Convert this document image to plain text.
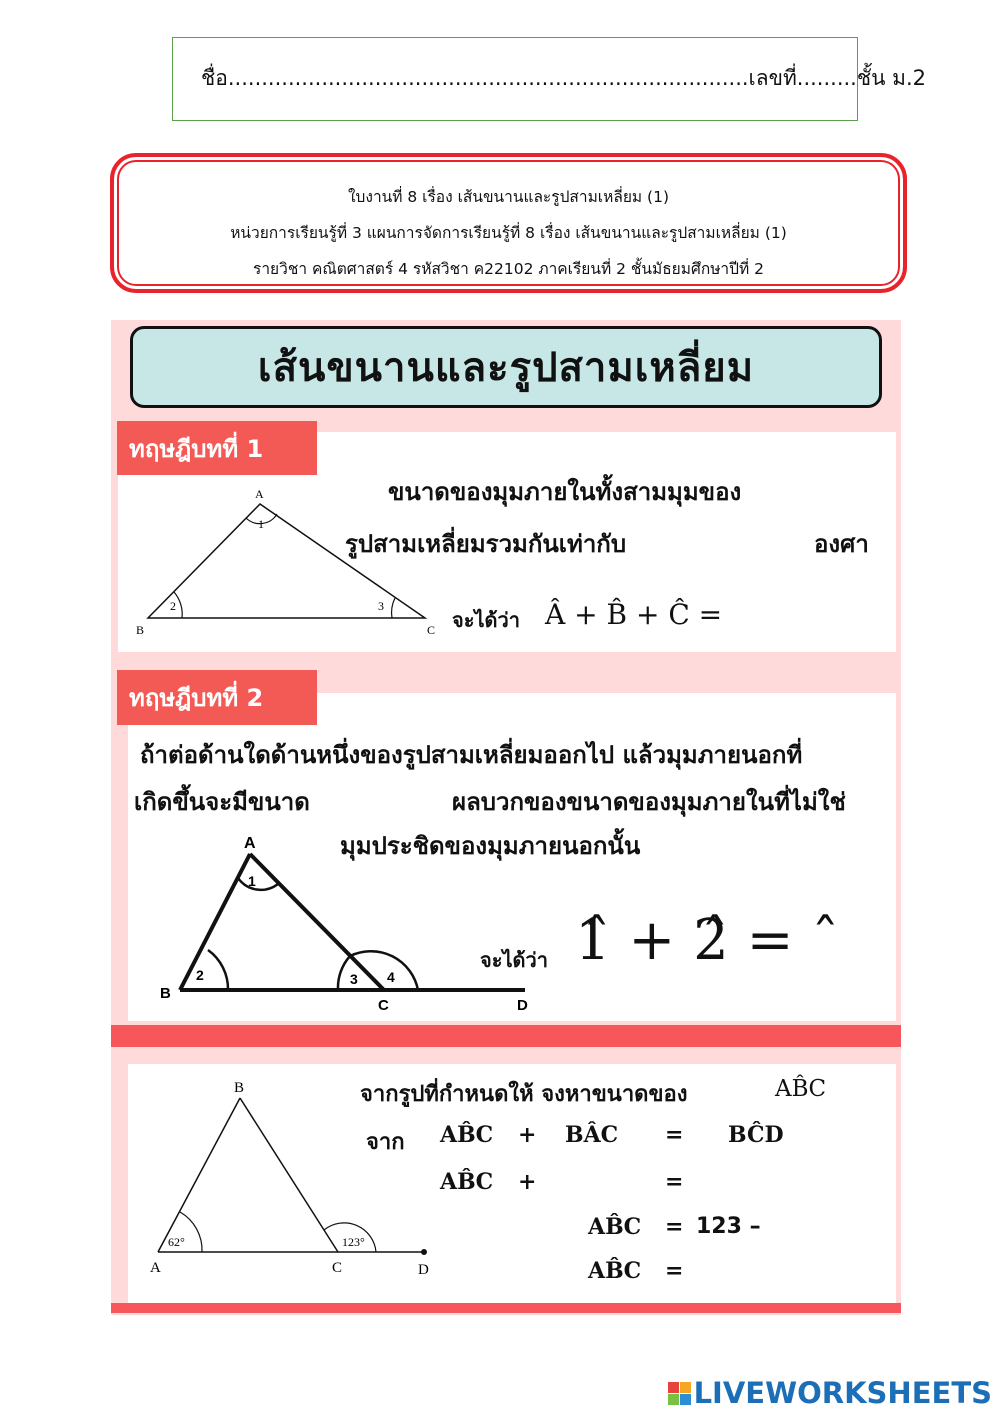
ชื่อ..............................................................................เลขที่.........ชั้น ม.2
ใบงานที่ 8 เรื่อง เส้นขนานและรูปสามเหลี่ยม (1)
หน่วยการเรียนรู้ที่ 3 แผนการจัดการเรียนรู้ที่ 8 เรื่อง เส้นขนานและรูปสามเหลี่ยม (1)
รายวิชา คณิตศาสตร์ 4 รหัสวิชา ค22102 ภาคเรียนที่ 2 ชั้นมัธยมศึกษาปีที่ 2
เส้นขนานและรูปสามเหลี่ยม
ทฤษฎีบทที่ 1
A
B	C
1
2	3
ขนาดของมุมภายในทั้งสามมุมของ
รูปสามเหลี่ยมรวมกันเท่ากับ	องศา
จะได้ว่า Â + B̂ + Ĉ =
ทฤษฎีบทที่ 2
ถ้าต่อด้านใดด้านหนึ่งของรูปสามเหลี่ยมออกไป แล้วมุมภายนอกที่
เกิดขึ้นจะมีขนาด	ผลบวกของขนาดของมุมภายในที่ไม่ใช่
มุมประชิดของมุมภายนอกนั้น
A
B
C	D
1
2	3 4
จะได้ว่า 1̂ + 2̂ = ˆ
B
A	C	D
62°	123°
จากรูปที่กำหนดให้ จงหาขนาดของ	AB̂C
จาก AB̂C + BÂC = BĈD
AB̂C +	=
AB̂C = 123 –
AB̂C =
LIVEWORKSHEETS
